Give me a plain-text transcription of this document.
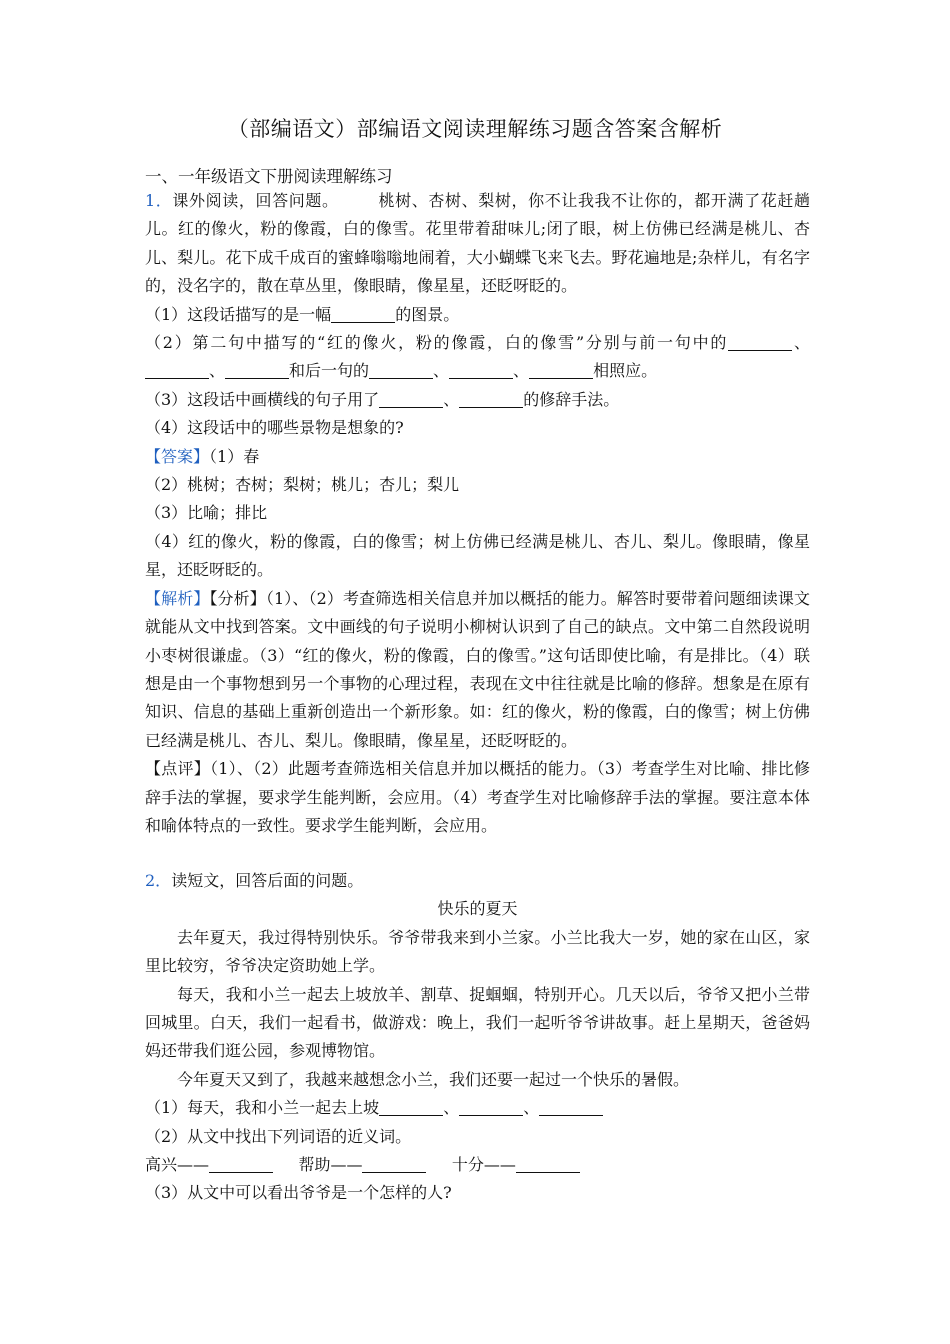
（部编语文）部编语文阅读理解练习题含答案含解析
一、一年级语文下册阅读理解练习

1．课外阅读，回答问题。 桃树、杏树、梨树，你不让我我不让你的，都开满了花赶趟儿。红的像火，粉的像霞，白的像雪。花里带着甜味儿;闭了眼，树上仿佛已经满是桃儿、杏儿、梨儿。花下成千成百的蜜蜂嗡嗡地闹着，大小蝴蝶飞来飞去。野花遍地是;杂样儿，有名字的，没名字的，散在草丛里，像眼睛，像星星，还眨呀眨的。

（1）这段话描写的是一幅	的图景。

（2）第二句中描写的“红的像火，粉的像霞，白的像雪”分别与前一句中的	、、	和后一句的	、	、	相照应。

（3）这段话中画横线的句子用了	、	的修辞手法。

（4）这段话中的哪些景物是想象的?

【答案】（1）春

（2）桃树；杏树；梨树；桃儿；杏儿；梨儿

（3）比喻；排比

（4）红的像火，粉的像霞，白的像雪；树上仿佛已经满是桃儿、杏儿、梨儿。像眼睛，像星星，还眨呀眨的。

【解析】【分析】（1）、（2）考查筛选相关信息并加以概括的能力。解答时要带着问题细读课文就能从文中找到答案。文中画线的句子说明小柳树认识到了自己的缺点。文中第二自然段说明小枣树很谦虚。（3）“红的像火，粉的像霞，白的像雪。”这句话即使比喻，有是排比。（4）联想是由一个事物想到另一个事物的心理过程，表现在文中往往就是比喻的修辞。想象是在原有知识、信息的基础上重新创造出一个新形象。如：红的像火，粉的像霞，白的像雪；树上仿佛已经满是桃儿、杏儿、梨儿。像眼睛，像星星，还眨呀眨的。

【点评】（1）、（2）此题考查筛选相关信息并加以概括的能力。（3）考查学生对比喻、排比修辞手法的掌握，要求学生能判断，会应用。（4）考查学生对比喻修辞手法的掌握。要注意本体和喻体特点的一致性。要求学生能判断，会应用。

2．读短文，回答后面的问题。

快乐的夏天

去年夏天，我过得特别快乐。爷爷带我来到小兰家。小兰比我大一岁，她的家在山区，家里比较穷，爷爷决定资助她上学。

每天，我和小兰一起去上坡放羊、割草、捉蝈蝈，特别开心。几天以后，爷爷又把小兰带回城里。白天，我们一起看书，做游戏：晚上，我们一起听爷爷讲故事。赶上星期天，爸爸妈妈还带我们逛公园，参观博物馆。

今年夏天又到了，我越来越想念小兰，我们还要一起过一个快乐的暑假。

（1）每天，我和小兰一起去上坡	、	、

（2）从文中找出下列词语的近义词。

高兴——	帮助——	十分——

（3）从文中可以看出爷爷是一个怎样的人?
